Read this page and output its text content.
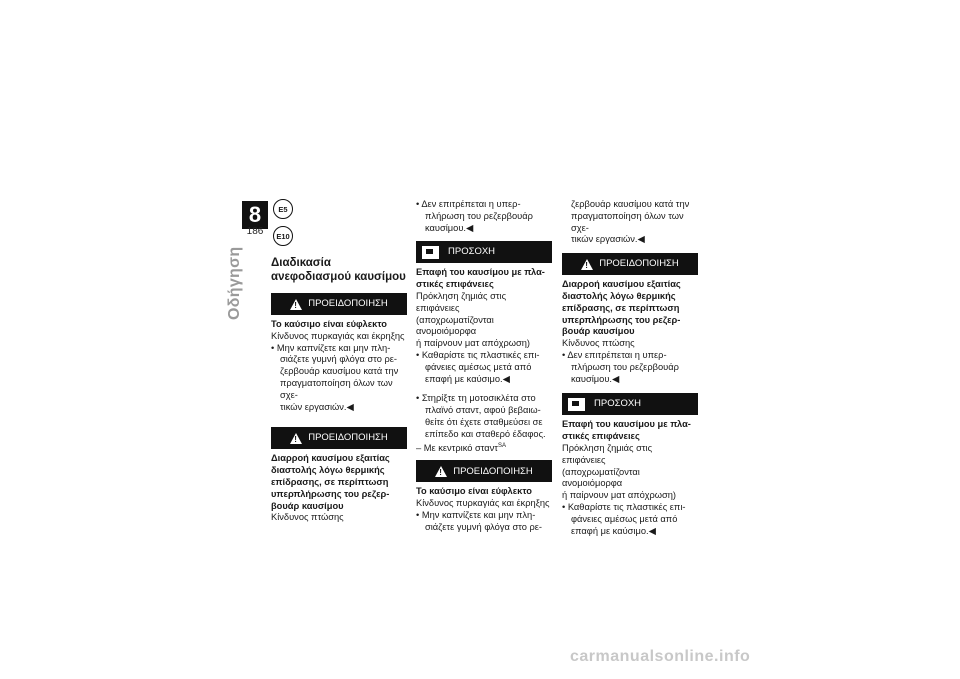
8
186
Οδήγηση
E5
E10

Διαδικασία ανεφοδιασμού καυσίμου

!
ΠΡΟΕΙΔΟΠΟΙΗΣΗ

Το καύσιμο είναι εύφλεκτο

Κίνδυνος πυρκαγιάς και έκρηξης

• Μην καπνίζετε και μην πλη-

σιάζετε γυμνή φλόγα στο ρε-

ζερβουάρ καυσίμου κατά την

πραγματοποίηση όλων των σχε-

τικών εργασιών.◀

!
ΠΡΟΕΙΔΟΠΟΙΗΣΗ

Διαρροή καυσίμου εξαιτίας

διαστολής λόγω θερμικής

επίδρασης, σε περίπτωση

υπερπλήρωσης του ρεζερ-

βουάρ καυσίμου

Κίνδυνος πτώσης

• Δεν επιτρέπεται η υπερ-

πλήρωση του ρεζερβουάρ

καυσίμου.◀

ΠΡΟΣΟΧΗ

Επαφή του καυσίμου με πλα-

στικές επιφάνειες

Πρόκληση ζημιάς στις επιφάνειες

(αποχρωματίζονται ανομοιόμορφα

ή παίρνουν ματ απόχρωση)

• Καθαρίστε τις πλαστικές επι-

φάνειες αμέσως μετά από

επαφή με καύσιμο.◀

• Στηρίξτε τη μοτοσικλέτα στο

πλαϊνό σταντ, αφού βεβαιω-

θείτε ότι έχετε σταθμεύσει σε

επίπεδο και σταθερό έδαφος.

– Με κεντρικό σταντ$^{SA}$

!
ΠΡΟΕΙΔΟΠΟΙΗΣΗ

Το καύσιμο είναι εύφλεκτο

Κίνδυνος πυρκαγιάς και έκρηξης

• Μην καπνίζετε και μην πλη-

σιάζετε γυμνή φλόγα στο ρε-

ζερβουάρ καυσίμου κατά την

πραγματοποίηση όλων των σχε-

τικών εργασιών.◀

!
ΠΡΟΕΙΔΟΠΟΙΗΣΗ

Διαρροή καυσίμου εξαιτίας

διαστολής λόγω θερμικής

επίδρασης, σε περίπτωση

υπερπλήρωσης του ρεζερ-

βουάρ καυσίμου

Κίνδυνος πτώσης

• Δεν επιτρέπεται η υπερ-

πλήρωση του ρεζερβουάρ

καυσίμου.◀

ΠΡΟΣΟΧΗ

Επαφή του καυσίμου με πλα-

στικές επιφάνειες

Πρόκληση ζημιάς στις επιφάνειες

(αποχρωματίζονται ανομοιόμορφα

ή παίρνουν ματ απόχρωση)

• Καθαρίστε τις πλαστικές επι-

φάνειες αμέσως μετά από

επαφή με καύσιμο.◀

carmanualsonline.info
